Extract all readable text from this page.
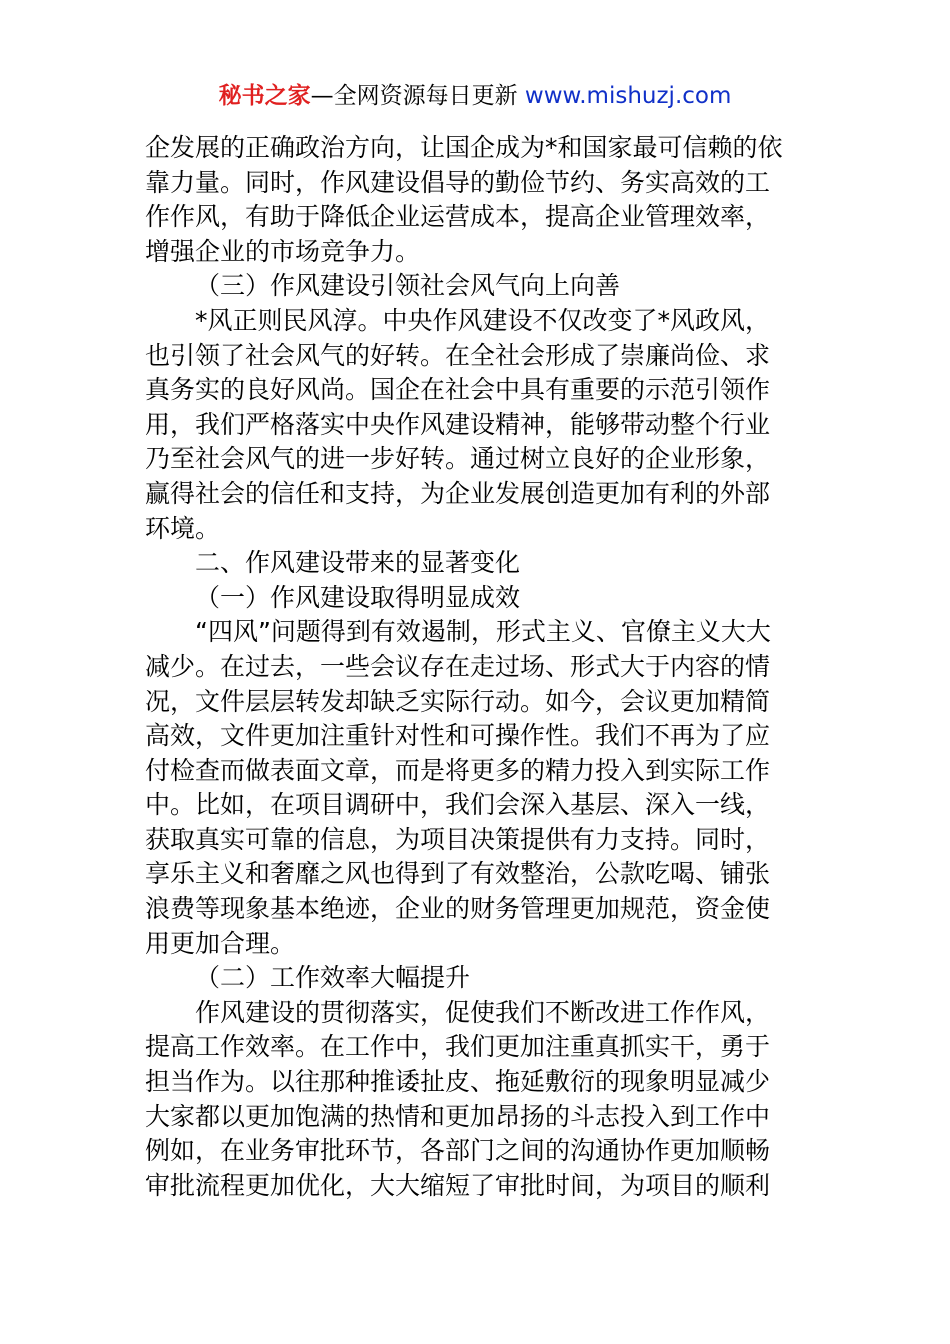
秘书之家—全网资源每日更新 www.mishuzj.com
企发展的正确政治方向，让国企成为*和国家最可信赖的依
靠力量。同时，作风建设倡导的勤俭节约、务实高效的工
作作风，有助于降低企业运营成本，提高企业管理效率，
增强企业的市场竞争力。
（三）作风建设引领社会风气向上向善
*风正则民风淳。中央作风建设不仅改变了*风政风，
也引领了社会风气的好转。在全社会形成了崇廉尚俭、求
真务实的良好风尚。国企在社会中具有重要的示范引领作
用，我们严格落实中央作风建设精神，能够带动整个行业
乃至社会风气的进一步好转。通过树立良好的企业形象，
赢得社会的信任和支持，为企业发展创造更加有利的外部
环境。
二、作风建设带来的显著变化
（一）作风建设取得明显成效
“四风”问题得到有效遏制，形式主义、官僚主义大大
减少。在过去，一些会议存在走过场、形式大于内容的情
况，文件层层转发却缺乏实际行动。如今，会议更加精简
高效，文件更加注重针对性和可操作性。我们不再为了应
付检查而做表面文章，而是将更多的精力投入到实际工作
中。比如，在项目调研中，我们会深入基层、深入一线，
获取真实可靠的信息，为项目决策提供有力支持。同时，
享乐主义和奢靡之风也得到了有效整治，公款吃喝、铺张
浪费等现象基本绝迹，企业的财务管理更加规范，资金使
用更加合理。
（二）工作效率大幅提升
作风建设的贯彻落实，促使我们不断改进工作作风，
提高工作效率。在工作中，我们更加注重真抓实干，勇于
担当作为。以往那种推诿扯皮、拖延敷衍的现象明显减少
大家都以更加饱满的热情和更加昂扬的斗志投入到工作中
例如，在业务审批环节，各部门之间的沟通协作更加顺畅
审批流程更加优化，大大缩短了审批时间，为项目的顺利
